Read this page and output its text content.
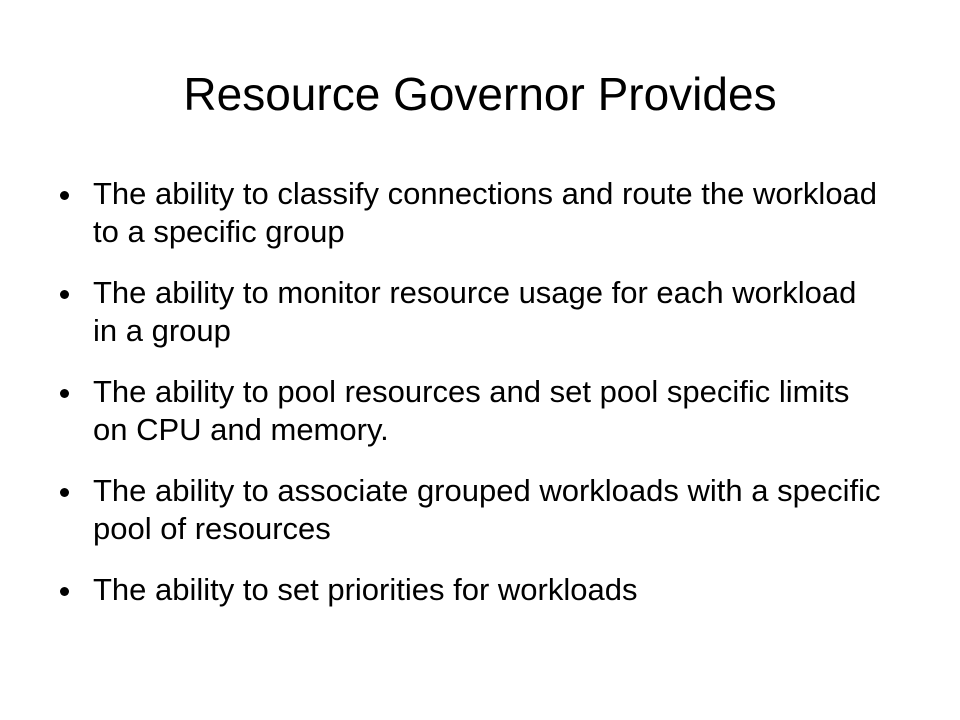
Resource Governor Provides
The ability to classify connections and route the workload to a specific group
The ability to monitor resource usage for each workload in a group
The ability to pool resources and set pool specific limits on CPU and memory.
The ability to associate grouped workloads with a specific pool of resources
The ability to set priorities for workloads
